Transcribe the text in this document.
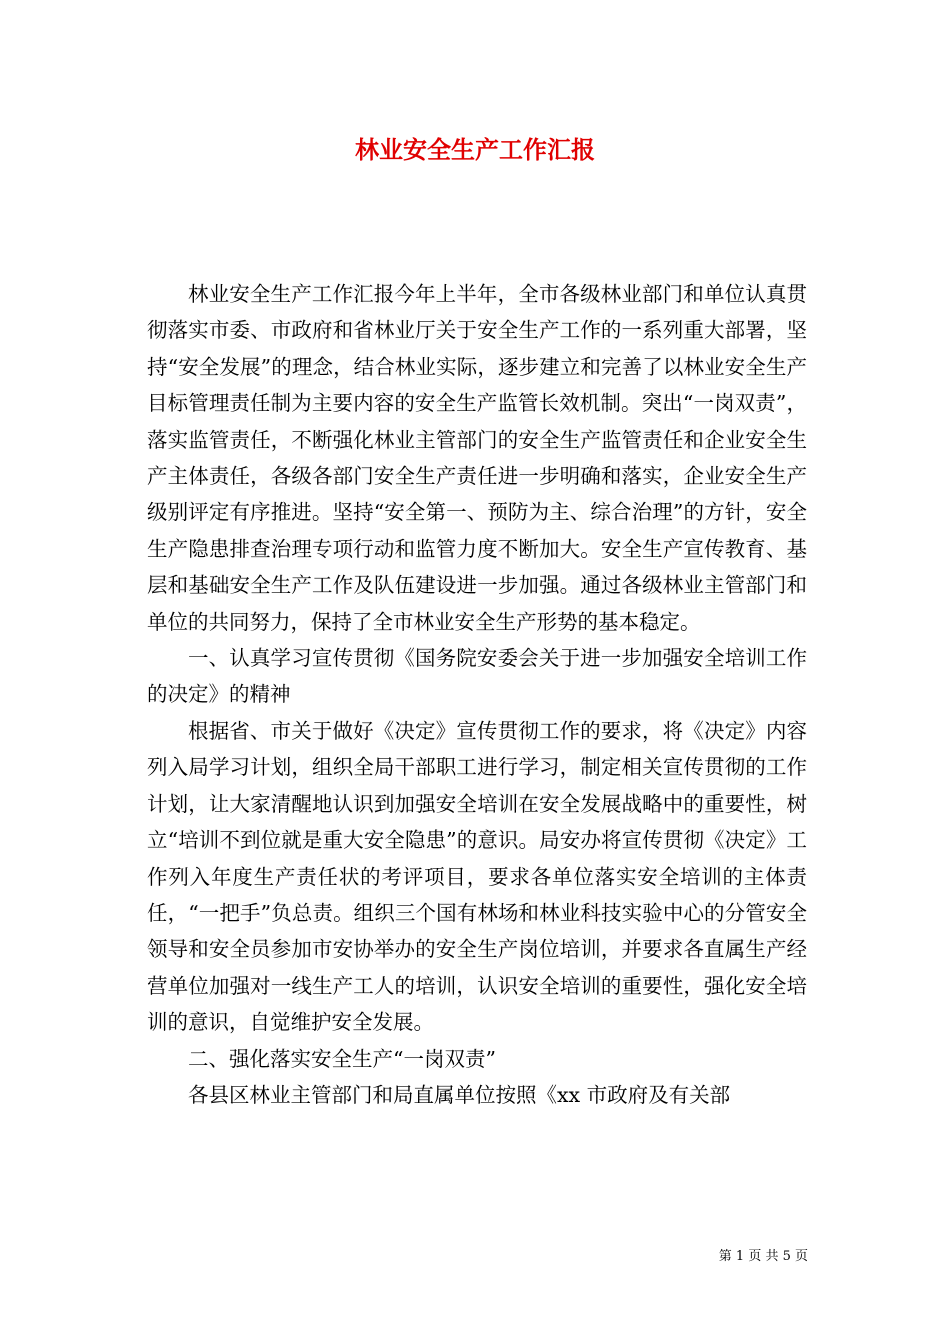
林业安全生产工作汇报

林业安全生产工作汇报今年上半年，全市各级林业部门和单位认真贯彻落实市委、市政府和省林业厅关于安全生产工作的一系列重大部署，坚持“安全发展”的理念，结合林业实际，逐步建立和完善了以林业安全生产目标管理责任制为主要内容的安全生产监管长效机制。突出“一岗双责”，落实监管责任，不断强化林业主管部门的安全生产监管责任和企业安全生产主体责任，各级各部门安全生产责任进一步明确和落实，企业安全生产级别评定有序推进。坚持“安全第一、预防为主、综合治理”的方针，安全生产隐患排查治理专项行动和监管力度不断加大。安全生产宣传教育、基层和基础安全生产工作及队伍建设进一步加强。通过各级林业主管部门和单位的共同努力，保持了全市林业安全生产形势的基本稳定。

一、认真学习宣传贯彻《国务院安委会关于进一步加强安全培训工作的决定》的精神

根据省、市关于做好《决定》宣传贯彻工作的要求，将《决定》内容列入局学习计划，组织全局干部职工进行学习，制定相关宣传贯彻的工作计划，让大家清醒地认识到加强安全培训在安全发展战略中的重要性，树立“培训不到位就是重大安全隐患”的意识。局安办将宣传贯彻《决定》工作列入年度生产责任状的考评项目，要求各单位落实安全培训的主体责任，“一把手”负总责。组织三个国有林场和林业科技实验中心的分管安全领导和安全员参加市安协举办的安全生产岗位培训，并要求各直属生产经营单位加强对一线生产工人的培训，认识安全培训的重要性，强化安全培训的意识，自觉维护安全发展。

二、强化落实安全生产“一岗双责”

各县区林业主管部门和局直属单位按照《xx 市政府及有关部

第 1 页 共 5 页
